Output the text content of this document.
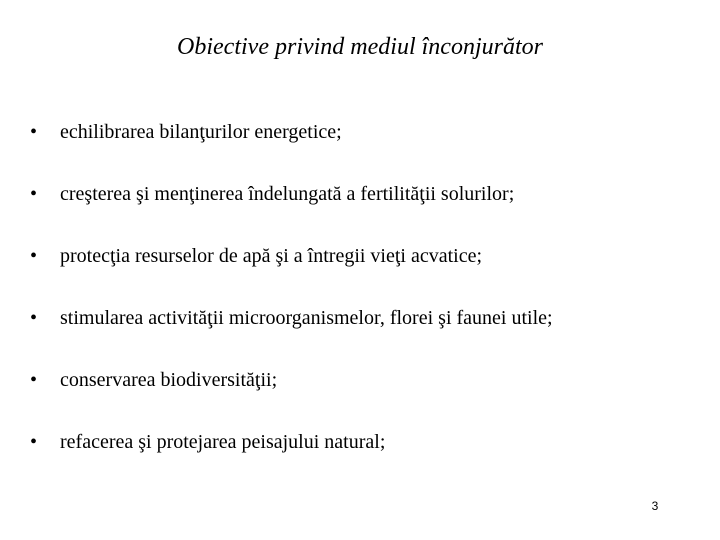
Obiective privind mediul înconjurător
•	echilibrarea bilanţurilor energetice;
•	creşterea şi menţinerea îndelungată a fertilităţii solurilor;
•	protecţia resurselor de apă şi a întregii vieţi acvatice;
•	stimularea activităţii microorganismelor, florei şi faunei utile;
•	conservarea biodiversităţii;
•	refacerea şi protejarea peisajului natural;
3
